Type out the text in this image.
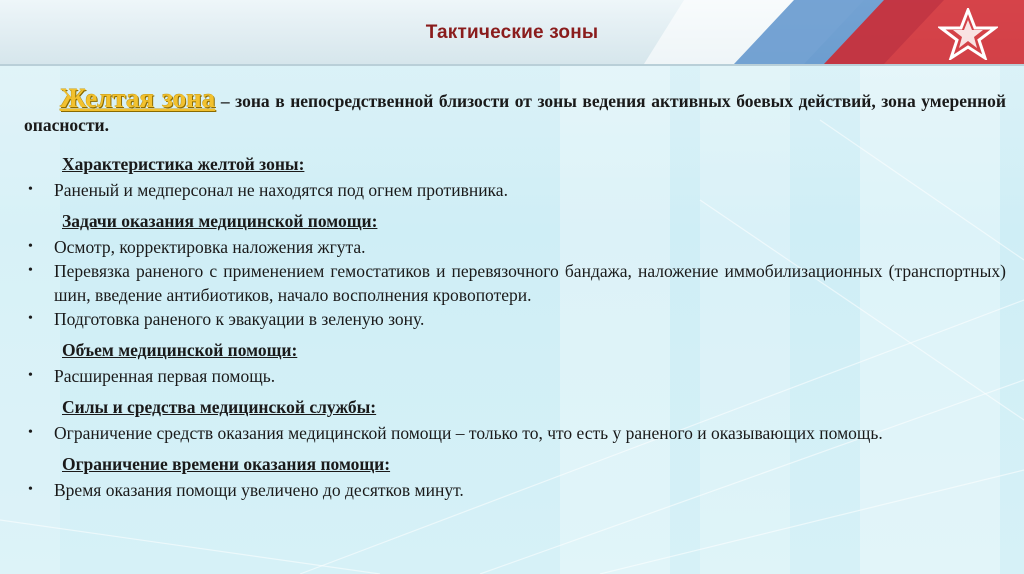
Тактические зоны

Желтая зона – зона в непосредственной близости от зоны ведения активных боевых действий, зона умеренной опасности.

Характеристика желтой зоны:
• Раненый и медперсонал не находятся под огнем противника.
Задачи оказания медицинской помощи:
• Осмотр, корректировка наложения жгута.
• Перевязка раненого с применением гемостатиков и перевязочного бандажа, наложение иммобилизационных (транспортных) шин, введение антибиотиков, начало восполнения кровопотери.
• Подготовка раненого к эвакуации в зеленую зону.
Объем медицинской помощи:
• Расширенная первая помощь.
Силы и средства медицинской службы:
• Ограничение средств оказания медицинской помощи – только то, что есть у раненого и оказывающих помощь.
Ограничение времени оказания помощи:
• Время оказания помощи увеличено до десятков минут.
